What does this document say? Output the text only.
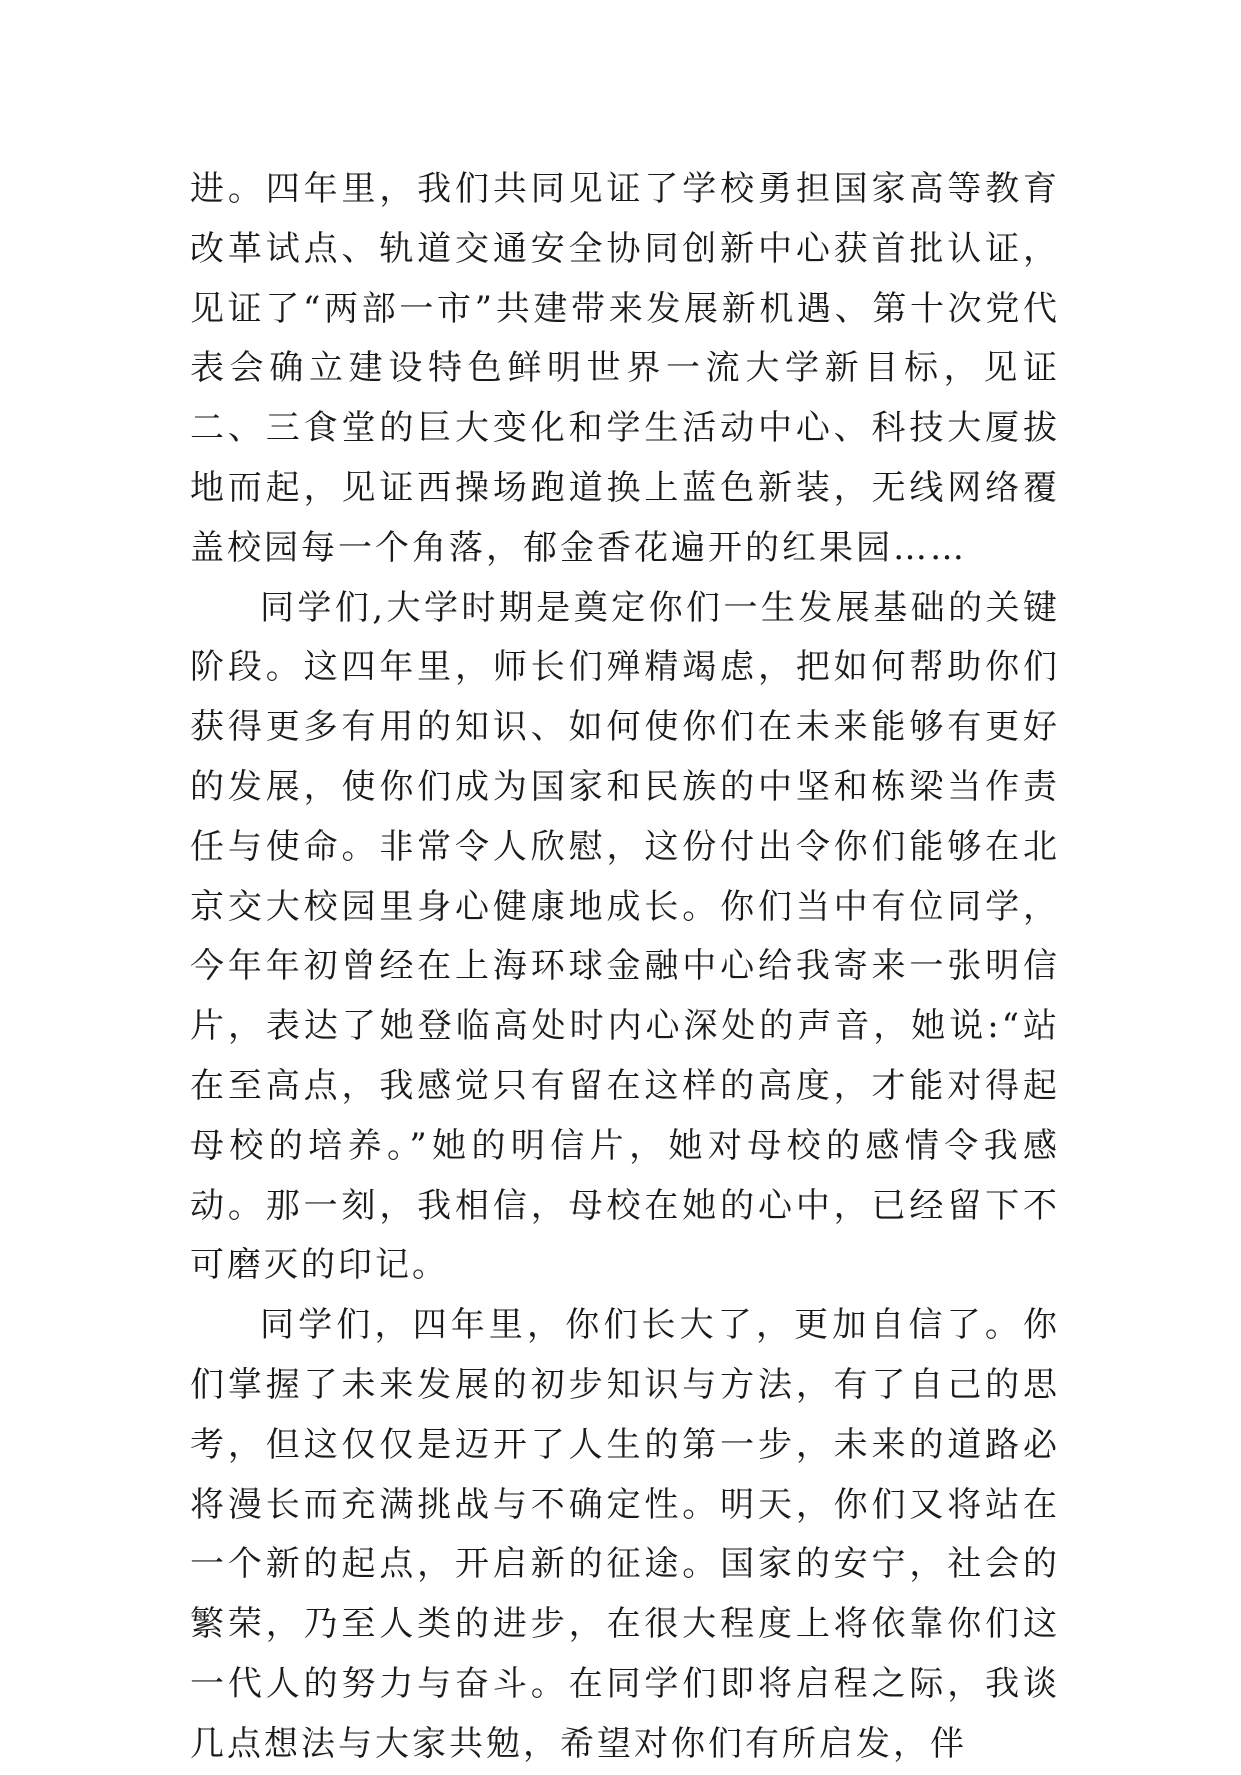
进。四年里，我们共同见证了学校勇担国家高等教育改革试点、轨道交通安全协同创新中心获首批认证，见证了“两部一市”共建带来发展新机遇、第十次党代表会确立建设特色鲜明世界一流大学新目标，见证二、三食堂的巨大变化和学生活动中心、科技大厦拔地而起，见证西操场跑道换上蓝色新装，无线网络覆盖校园每一个角落，郁金香花遍开的红果园……

同学们,大学时期是奠定你们一生发展基础的关键阶段。这四年里，师长们殚精竭虑，把如何帮助你们获得更多有用的知识、如何使你们在未来能够有更好的发展，使你们成为国家和民族的中坚和栋梁当作责任与使命。非常令人欣慰，这份付出令你们能够在北京交大校园里身心健康地成长。你们当中有位同学，今年年初曾经在上海环球金融中心给我寄来一张明信片，表达了她登临高处时内心深处的声音，她说:“站在至高点，我感觉只有留在这样的高度，才能对得起母校的培养。”她的明信片，她对母校的感情令我感动。那一刻，我相信，母校在她的心中，已经留下不可磨灭的印记。

同学们，四年里，你们长大了，更加自信了。你们掌握了未来发展的初步知识与方法，有了自己的思考，但这仅仅是迈开了人生的第一步，未来的道路必将漫长而充满挑战与不确定性。明天，你们又将站在一个新的起点，开启新的征途。国家的安宁，社会的繁荣，乃至人类的进步，在很大程度上将依靠你们这一代人的努力与奋斗。在同学们即将启程之际，我谈几点想法与大家共勉，希望对你们有所启发，伴
